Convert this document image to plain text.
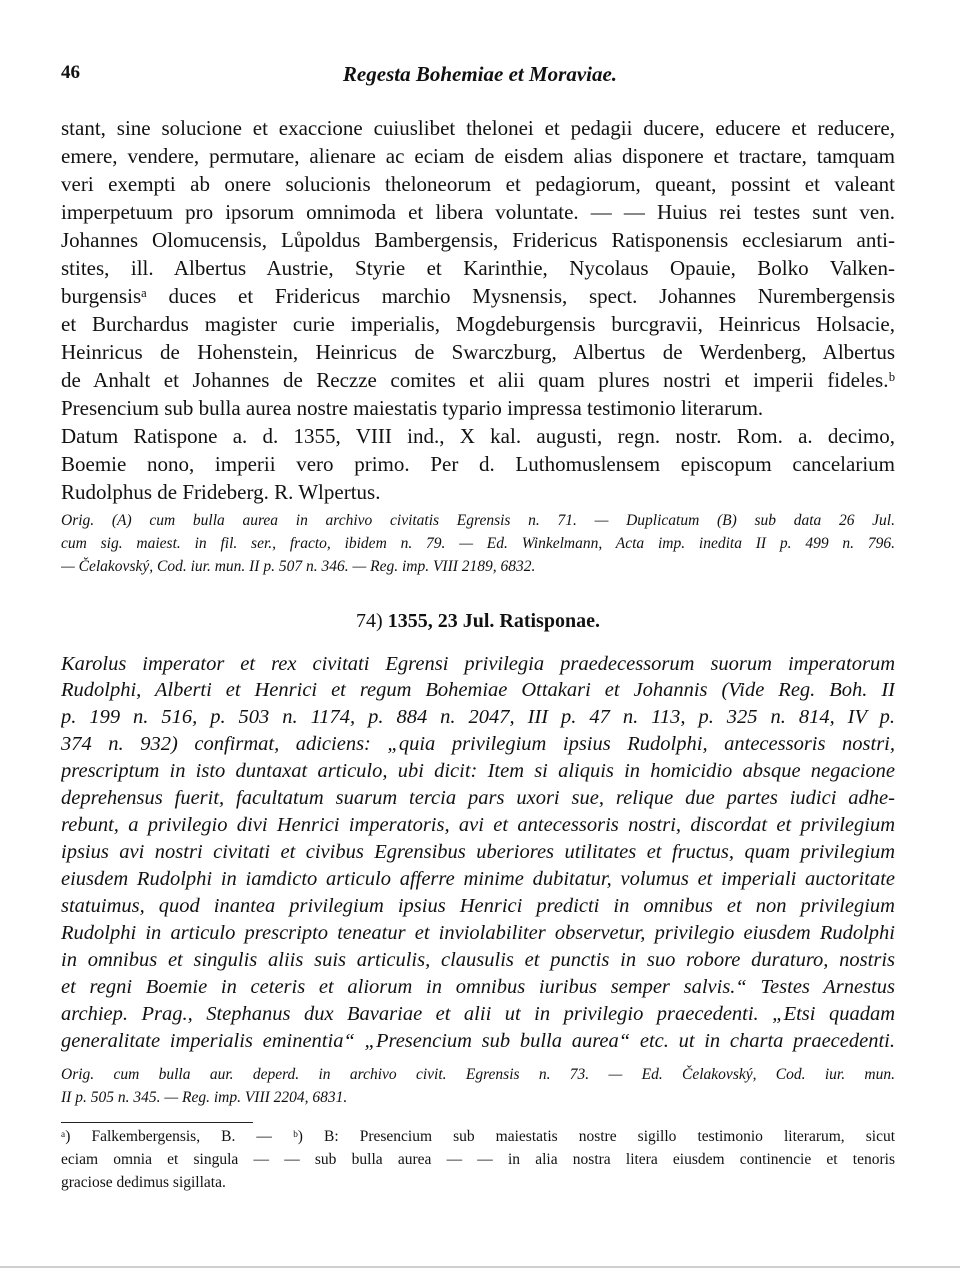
46	Regesta Bohemiae et Moraviae.
stant, sine solucione et exaccione cuiuslibet thelonei et pedagii ducere, educere et reducere,
emere, vendere, permutare, alienare ac eciam de eisdem alias disponere et tractare, tamquam
veri exempti ab onere solucionis theloneorum et pedagiorum, queant, possint et valeant
imperpetuum pro ipsorum omnimoda et libera voluntate. — — Huius rei testes sunt ven.
Johannes Olomucensis, Lůpoldus Bambergensis, Fridericus Ratisponensis ecclesiarum anti-
stites, ill. Albertus Austrie, Styrie et Karinthie, Nycolaus Opauie, Bolko Valken-
burgensisᵃ duces et Fridericus marchio Mysnensis, spect. Johannes Nurembergensis
et Burchardus magister curie imperialis, Mogdeburgensis burcgravii, Heinricus Holsacie,
Heinricus de Hohenstein, Heinricus de Swarczburg, Albertus de Werdenberg, Albertus
de Anhalt et Johannes de Reczze comites et alii quam plures nostri et imperii fideles.ᵇ
Presencium sub bulla aurea nostre maiestatis typario impressa testimonio literarum.
Datum Ratispone a. d. 1355, VIII ind., X kal. augusti, regn. nostr. Rom. a. decimo,
Boemie nono, imperii vero primo. Per d. Luthomuslensem episcopum cancelarium
Rudolphus de Frideberg. R. Wlpertus.
Orig. (A) cum bulla aurea in archivo civitatis Egrensis n. 71. — Duplicatum (B) sub data 26 Jul.
cum sig. maiest. in fil. ser., fracto, ibidem n. 79. — Ed. Winkelmann, Acta imp. inedita II p. 499 n. 796.
— Čelakovský, Cod. iur. mun. II p. 507 n. 346. — Reg. imp. VIII 2189, 6832.
74) 1355, 23 Jul. Ratisponae.
Karolus imperator et rex civitati Egrensi privilegia praedecessorum suorum imperatorum
Rudolphi, Alberti et Henrici et regum Bohemiae Ottakari et Johannis (Vide Reg. Boh. II
p. 199 n. 516, p. 503 n. 1174, p. 884 n. 2047, III p. 47 n. 113, p. 325 n. 814, IV p.
374 n. 932) confirmat, adiciens: „quia privilegium ipsius Rudolphi, antecessoris nostri,
prescriptum in isto duntaxat articulo, ubi dicit: Item si aliquis in homicidio absque negacione
deprehensus fuerit, facultatum suarum tercia pars uxori sue, relique due partes iudici adhe-
rebunt, a privilegio divi Henrici imperatoris, avi et antecessoris nostri, discordat et privilegium
ipsius avi nostri civitati et civibus Egrensibus uberiores utilitates et fructus, quam privilegium
eiusdem Rudolphi in iamdicto articulo afferre minime dubitatur, volumus et imperiali auctoritate
statuimus, quod inantea privilegium ipsius Henrici predicti in omnibus et non privilegium
Rudolphi in articulo prescripto teneatur et inviolabiliter observetur, privilegio eiusdem Rudolphi
in omnibus et singulis aliis suis articulis, clausulis et punctis in suo robore duraturo, nostris
et regni Boemie in ceteris et aliorum in omnibus iuribus semper salvis.“ Testes Arnestus
archiep. Prag., Stephanus dux Bavariae et alii ut in privilegio praecedenti. „Etsi quadam
generalitate imperialis eminentia“ „Presencium sub bulla aurea“ etc. ut in charta praecedenti.
Orig. cum bulla aur. deperd. in archivo civit. Egrensis n. 73. — Ed. Čelakovský, Cod. iur. mun.
II p. 505 n. 345. — Reg. imp. VIII 2204, 6831.
ᵃ) Falkembergensis, B. — ᵇ) B: Presencium sub maiestatis nostre sigillo testimonio literarum, sicut
eciam omnia et singula — — sub bulla aurea — — in alia nostra litera eiusdem continencie et tenoris
graciose dedimus sigillata.
